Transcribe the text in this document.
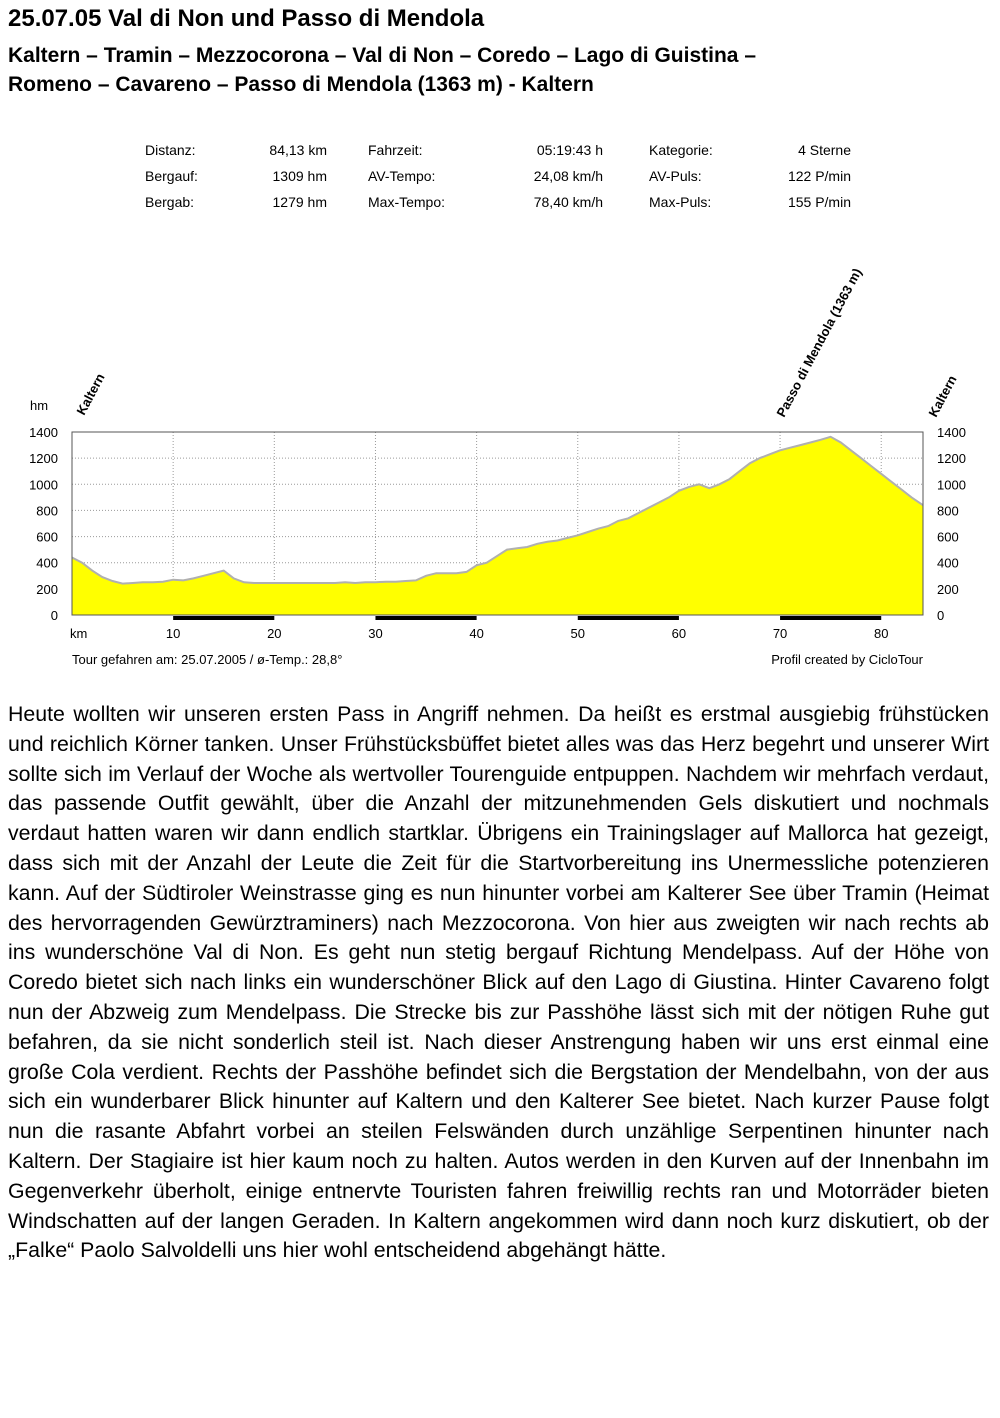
25.07.05 Val di Non und Passo di Mendola
Kaltern – Tramin – Mezzocorona – Val di Non – Coredo – Lago di Guistina –
Romeno – Cavareno – Passo di Mendola (1363 m) - Kaltern
Distanz:	84,13 km	Fahrzeit:	05:19:43 h	Kategorie:	4 Sterne
Bergauf:	1309 hm	AV-Tempo:	24,08 km/h	AV-Puls:	122 P/min
Bergab:	1279 hm	Max-Tempo:	78,40 km/h	Max-Puls:	155 P/min
0	0
200	200
400	400
600	600
800	800
1000	1000
1200	1200
1400	1400
hm
km	10	20	30	40	50	60	70	80
Tour gefahren am: 25.07.2005 / ø-Temp.: 28,8°	Profil created by CicloTour
Kaltern	Passo di Mendola (1363 m)	Kaltern
Heute wollten wir unseren ersten Pass in Angriff nehmen. Da heißt es erstmal ausgiebig frühstücken und reichlich Körner tanken. Unser Frühstücksbüffet bietet alles was das Herz begehrt und unserer Wirt sollte sich im Verlauf der Woche als wertvoller Tourenguide entpuppen. Nachdem wir mehrfach verdaut, das passende Outfit gewählt, über die Anzahl der mitzunehmenden Gels diskutiert und nochmals verdaut hatten waren wir dann endlich startklar. Übrigens ein Trainingslager auf Mallorca hat gezeigt, dass sich mit der Anzahl der Leute die Zeit für die Startvorbereitung ins Unermessliche potenzieren kann. Auf der Südtiroler Weinstrasse ging es nun hinunter vorbei am Kalterer See über Tramin (Heimat des hervorragenden Gewürztraminers) nach Mezzocorona. Von hier aus zweigten wir nach rechts ab ins wunderschöne Val di Non. Es geht nun stetig bergauf Richtung Mendelpass. Auf der Höhe von Coredo bietet sich nach links ein wunderschöner Blick auf den Lago di Giustina. Hinter Cavareno folgt nun der Abzweig zum Mendelpass. Die Strecke bis zur Passhöhe lässt sich mit der nötigen Ruhe gut befahren, da sie nicht sonderlich steil ist. Nach dieser Anstrengung haben wir uns erst einmal eine große Cola verdient. Rechts der Passhöhe befindet sich die Bergstation der Mendelbahn, von der aus sich ein wunderbarer Blick hinunter auf Kaltern und den Kalterer See bietet. Nach kurzer Pause folgt nun die rasante Abfahrt vorbei an steilen Felswänden durch unzählige Serpentinen hinunter nach Kaltern. Der Stagiaire ist hier kaum noch zu halten. Autos werden in den Kurven auf der Innenbahn im Gegenverkehr überholt, einige entnervte Touristen fahren freiwillig rechts ran und Motorräder bieten Windschatten auf der langen Geraden. In Kaltern angekommen wird dann noch kurz diskutiert, ob der „Falke“ Paolo Salvoldelli uns hier wohl entscheidend abgehängt hätte.
